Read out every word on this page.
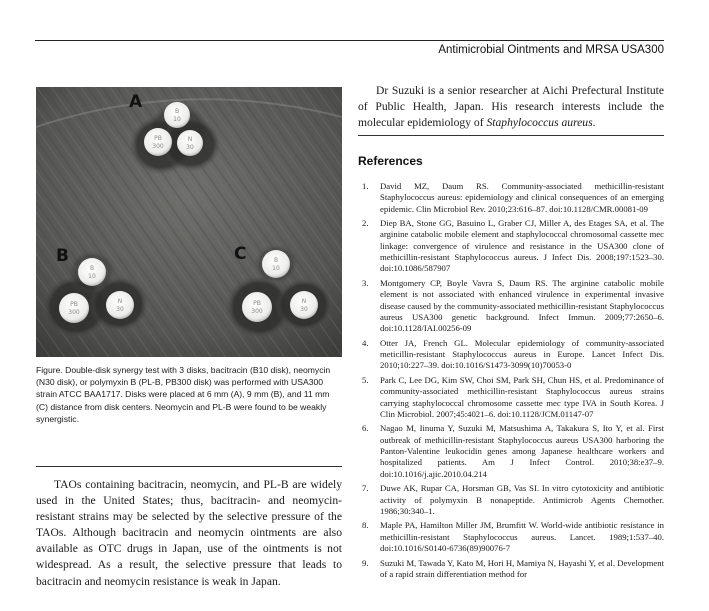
Antimicrobial Ointments and MRSA USA300
A
B	C
B
10
PB
300
N
30
B
10
PB
300
N
30
B
10
PB
300
N
30
Figure. Double-disk synergy test with 3 disks, bacitracin (B10 disk), neomycin (N30 disk), or polymyxin B (PL-B, PB300 disk) was performed with USA300 strain ATCC BAA1717. Disks were placed at 6 mm (A), 9 mm (B), and 11 mm (C) distance from disk centers. Neomycin and PL-B were found to be weakly synergistic.

TAOs containing bacitracin, neomycin, and PL-B are widely used in the United States; thus, bacitracin- and neomycin-resistant strains may be selected by the selective pressure of the TAOs. Although bacitracin and neomycin ointments are also available as OTC drugs in Japan, use of the ointments is not widespread. As a result, the selective pressure that leads to bacitracin and neomycin resistance is weak in Japan.

Dr Suzuki is a senior researcher at Aichi Prefectural Institute of Public Health, Japan. His research interests include the molecular epidemiology of Staphylococcus aureus.

References
1. David MZ, Daum RS. Community-associated methicillin-resistant Staphylococcus aureus: epidemiology and clinical consequences of an emerging epidemic. Clin Microbiol Rev. 2010;23:616–87. doi:10.1128/CMR.00081-09
2. Diep BA, Stone GG, Basuino L, Graber CJ, Miller A, des Etages SA, et al. The arginine catabolic mobile element and staphylococcal chromosomal cassette mec linkage: convergence of virulence and resistance in the USA300 clone of methicillin-resistant Staphylococcus aureus. J Infect Dis. 2008;197:1523–30. doi:10.1086/587907
3. Montgomery CP, Boyle Vavra S, Daum RS. The arginine catabolic mobile element is not associated with enhanced virulence in experimental invasive disease caused by the community-associated methicillin-resistant Staphylococcus aureus USA300 genetic background. Infect Immun. 2009;77:2650–6. doi:10.1128/IAI.00256-09
4. Otter JA, French GL. Molecular epidemiology of community-associated meticillin-resistant Staphylococcus aureus in Europe. Lancet Infect Dis. 2010;10:227–39. doi:10.1016/S1473-3099(10)70053-0
5. Park C, Lee DG, Kim SW, Choi SM, Park SH, Chun HS, et al. Predominance of community-associated methicillin-resistant Staphylococcus aureus strains carrying staphylococcal chromosome cassette mec type IVA in South Korea. J Clin Microbiol. 2007;45:4021–6. doi:10.1128/JCM.01147-07
6. Nagao M, Iinuma Y, Suzuki M, Matsushima A, Takakura S, Ito Y, et al. First outbreak of methicillin-resistant Staphylococcus aureus USA300 harboring the Panton-Valentine leukocidin genes among Japanese healthcare workers and hospitalized patients. Am J Infect Control. 2010;38:e37–9. doi:10.1016/j.ajic.2010.04.214
7. Duwe AK, Rupar CA, Horsman GB, Vas SI. In vitro cytotoxicity and antibiotic activity of polymyxin B nonapeptide. Antimicrob Agents Chemother. 1986;30:340–1.
8. Maple PA, Hamilton Miller JM, Brumfitt W. World-wide antibiotic resistance in methicillin-resistant Staphylococcus aureus. Lancet. 1989;1:537–40. doi:10.1016/S0140-6736(89)90076-7
9. Suzuki M, Tawada Y, Kato M, Hori H, Mamiya N, Hayashi Y, et al. Development of a rapid strain differentiation method for
